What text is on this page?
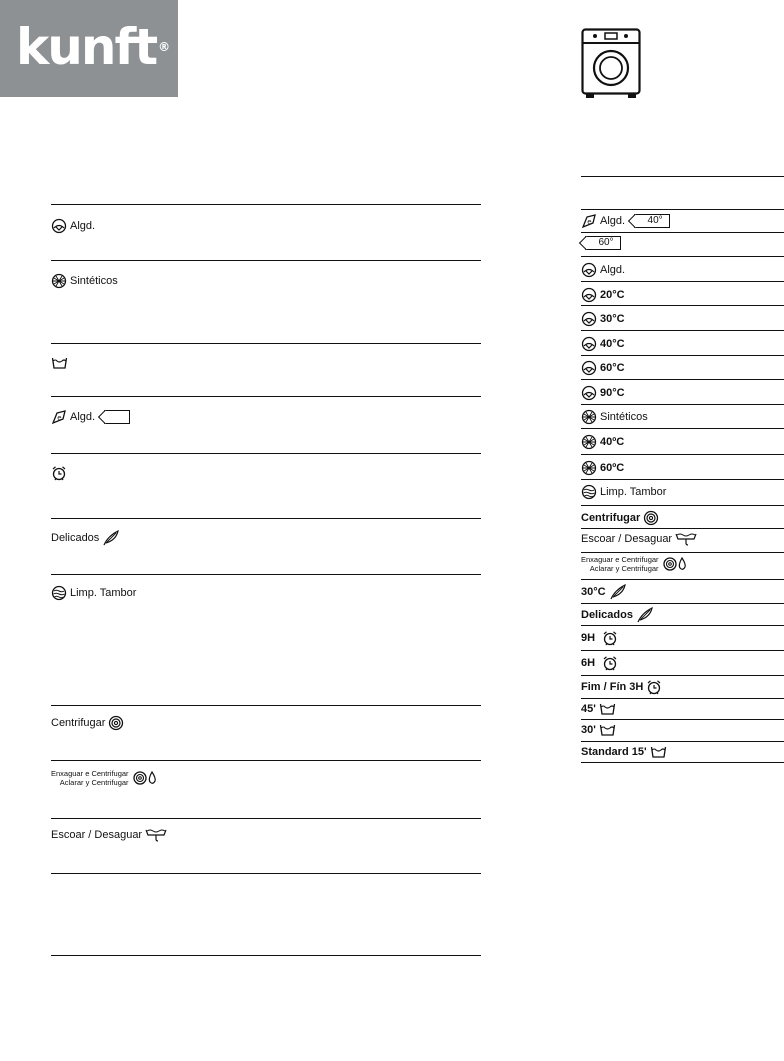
kunft ®
Algd.
Sintéticos
e Algd.
Delicados
Limp. Tambor
Centrifugar
Enxaguar e Centrifugar
Aclarar y Centrifugar
Escoar / Desaguar
e Algd.	40°
60°
Algd.
20°C
30°C
40°C
60°C
90°C
Sintéticos
40ºC
60ºC
Limp. Tambor
Centrifugar
Escoar / Desaguar
Enxaguar e Centrifugar
Aclarar y Centrifugar
30°C
Delicados
9H
6H
Fim / Fín 3H
45'
30'
Standard 15'
